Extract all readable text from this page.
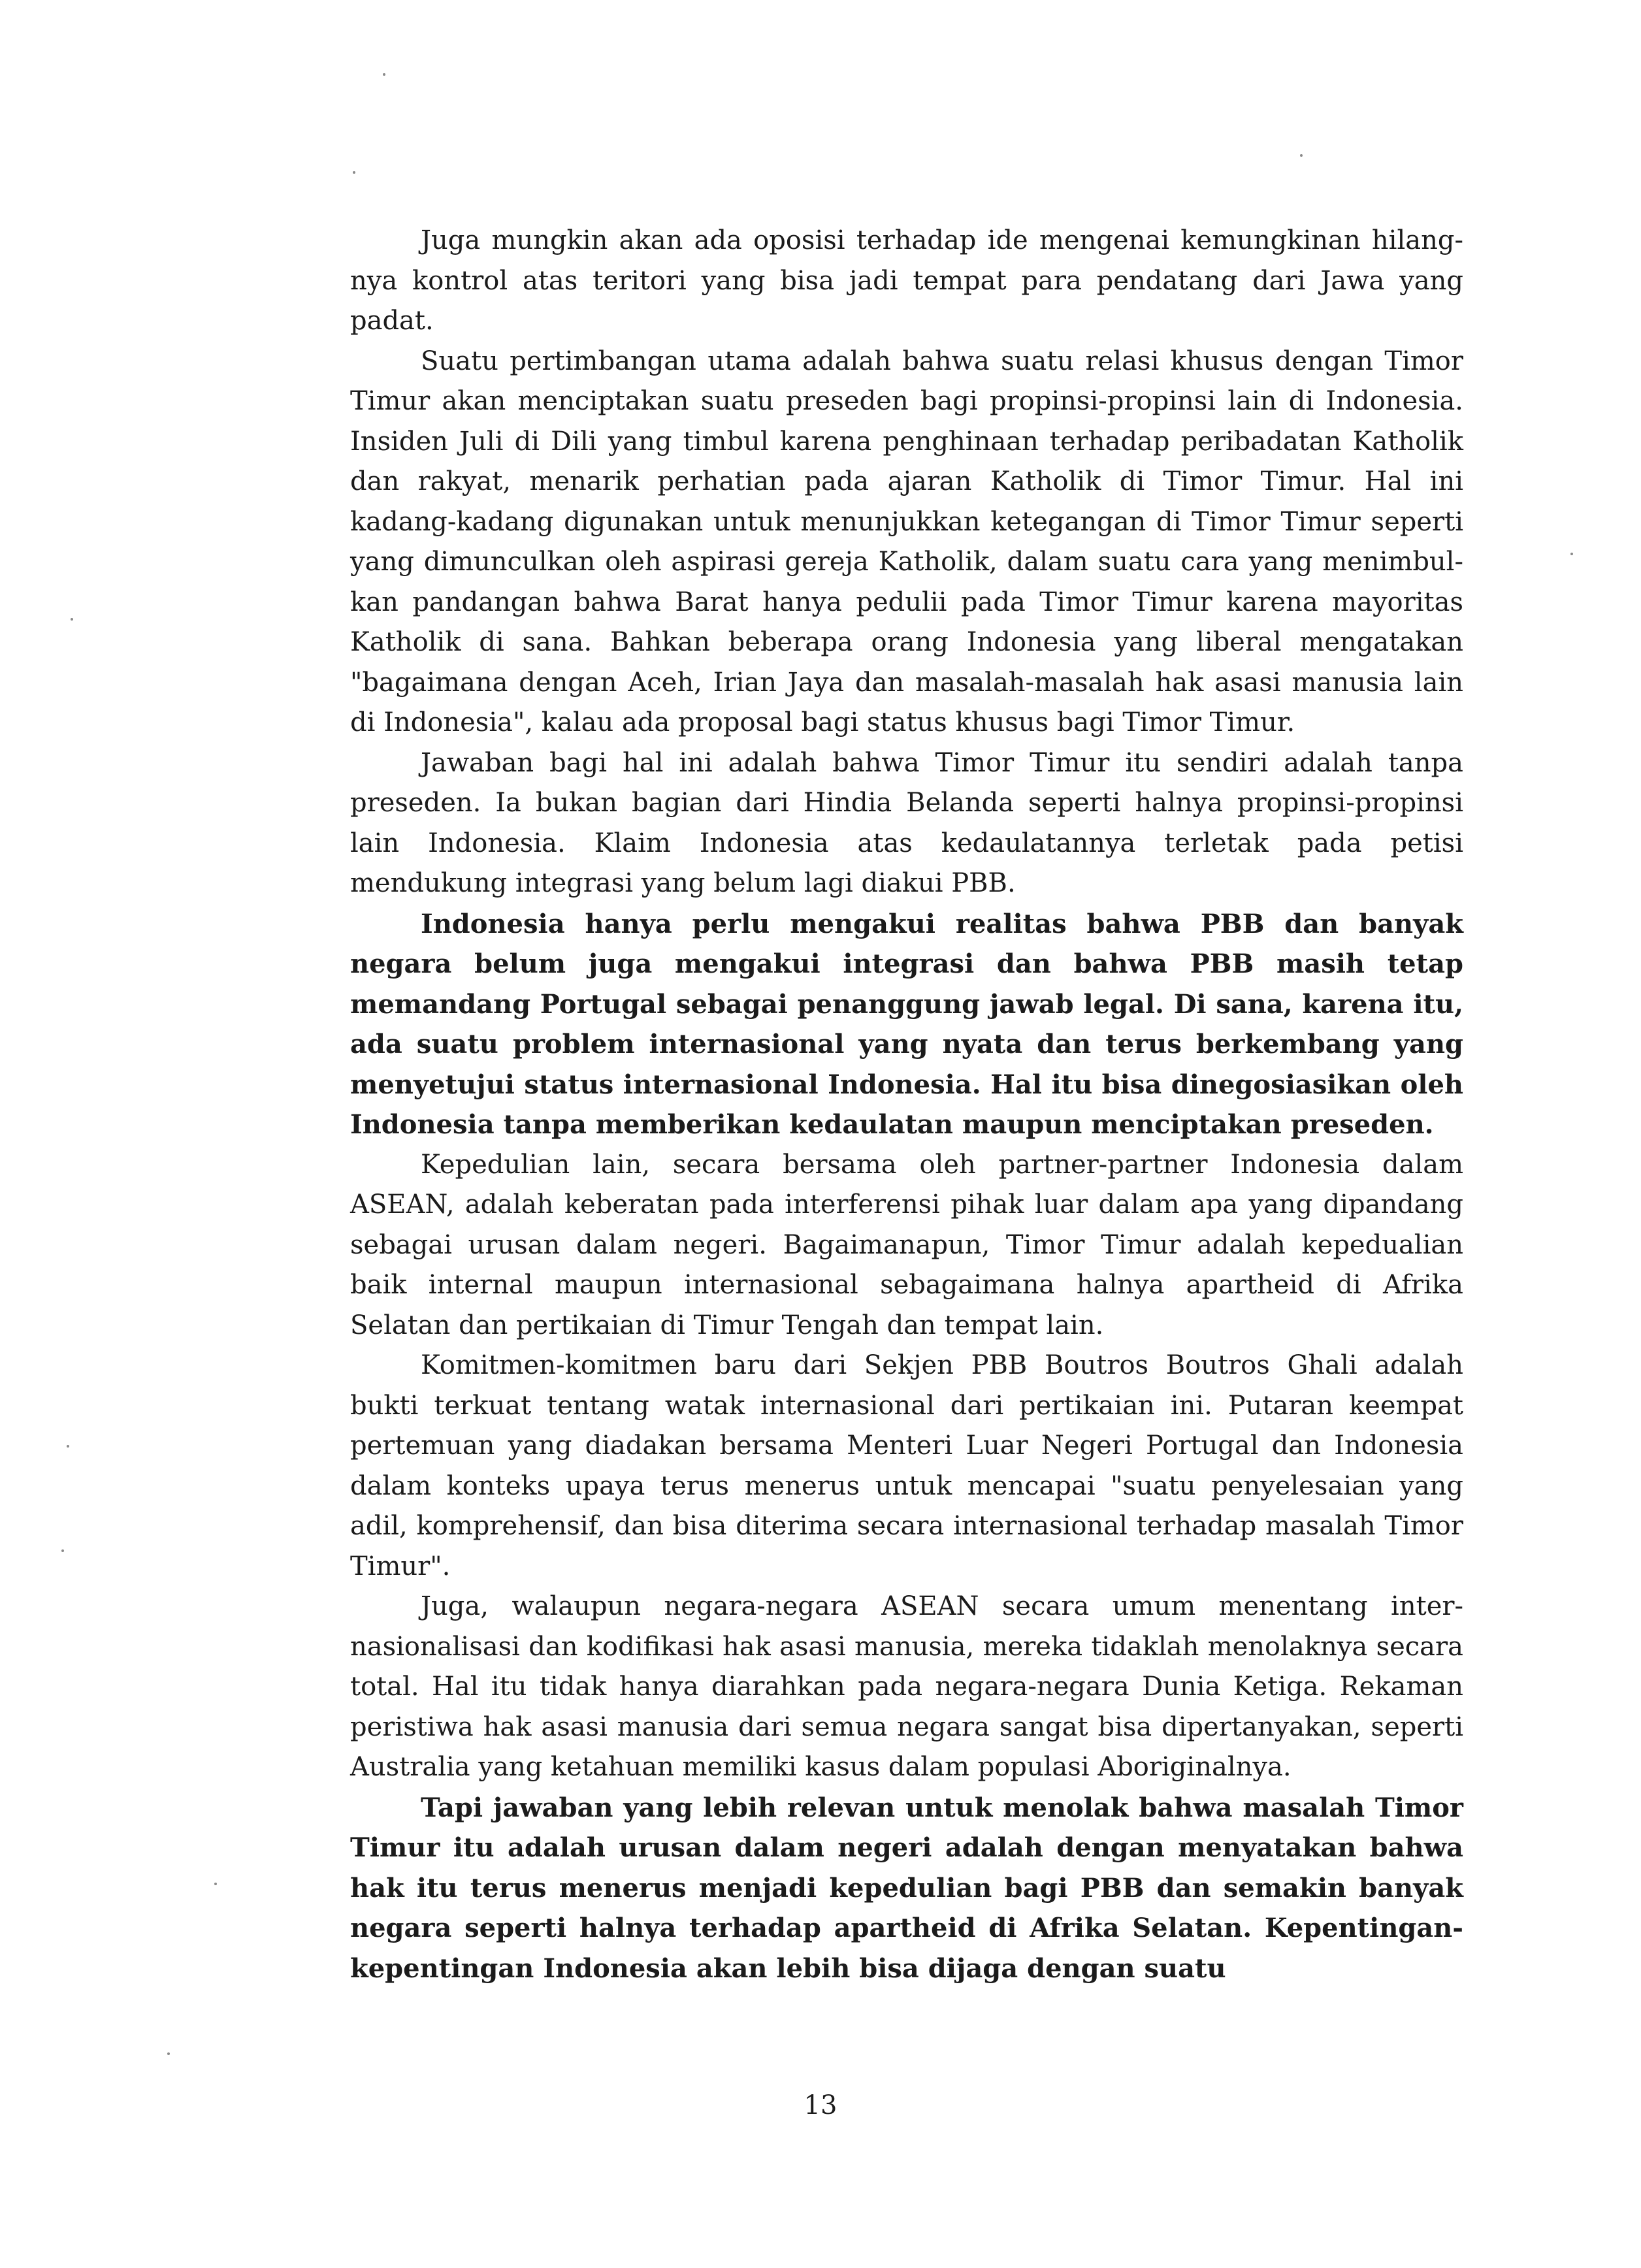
Juga mungkin akan ada oposisi terhadap ide mengenai kemungkinan hilangnya kontrol atas teritori yang bisa jadi tempat para pendatang dari Jawa yang padat.

Suatu pertimbangan utama adalah bahwa suatu relasi khusus dengan Timor Timur akan menciptakan suatu preseden bagi propinsi-propinsi lain di Indonesia. Insiden Juli di Dili yang timbul karena penghinaan terhadap peribadatan Katholik dan rakyat, menarik perhatian pada ajaran Katholik di Timor Timur. Hal ini kadang-kadang digunakan untuk menunjukkan ketegangan di Timor Timur seperti yang dimunculkan oleh aspirasi gereja Katholik, dalam suatu cara yang menimbulkan pandangan bahwa Barat hanya pedulii pada Timor Timur karena mayoritas Katholik di sana. Bahkan beberapa orang Indonesia yang liberal mengatakan "bagaimana dengan Aceh, Irian Jaya dan masalah-masalah hak asasi manusia lain di Indonesia", kalau ada proposal bagi status khusus bagi Timor Timur.

Jawaban bagi hal ini adalah bahwa Timor Timur itu sendiri adalah tanpa preseden. Ia bukan bagian dari Hindia Belanda seperti halnya propinsi-propinsi lain Indonesia. Klaim Indonesia atas kedaulatannya terletak pada petisi mendukung integrasi yang belum lagi diakui PBB.

Indonesia hanya perlu mengakui realitas bahwa PBB dan banyak negara belum juga mengakui integrasi dan bahwa PBB masih tetap memandang Portugal sebagai penanggung jawab legal. Di sana, karena itu, ada suatu problem internasional yang nyata dan terus berkembang yang menyetujui status internasional Indonesia. Hal itu bisa dinegosiasikan oleh Indonesia tanpa memberikan kedaulatan maupun menciptakan preseden.

Kepedulian lain, secara bersama oleh partner-partner Indonesia dalam ASEAN, adalah keberatan pada interferensi pihak luar dalam apa yang dipandang sebagai urusan dalam negeri. Bagaimanapun, Timor Timur adalah kepedualian baik internal maupun internasional sebagaimana halnya apartheid di Afrika Selatan dan pertikaian di Timur Tengah dan tempat lain.

Komitmen-komitmen baru dari Sekjen PBB Boutros Boutros Ghali adalah bukti terkuat tentang watak internasional dari pertikaian ini. Putaran keempat pertemuan yang diadakan bersama Menteri Luar Negeri Portugal dan Indonesia dalam konteks upaya terus menerus untuk mencapai "suatu penyelesaian yang adil, komprehensif, dan bisa diterima secara internasional terhadap masalah Timor Timur".

Juga, walaupun negara-negara ASEAN secara umum menentang internasionalisasi dan kodifikasi hak asasi manusia, mereka tidaklah menolaknya secara total. Hal itu tidak hanya diarahkan pada negara-negara Dunia Ketiga. Rekaman peristiwa hak asasi manusia dari semua negara sangat bisa dipertanyakan, seperti Australia yang ketahuan memiliki kasus dalam populasi Aboriginalnya.

Tapi jawaban yang lebih relevan untuk menolak bahwa masalah Timor Timur itu adalah urusan dalam negeri adalah dengan menyatakan bahwa hak itu terus menerus menjadi kepedulian bagi PBB dan semakin banyak negara seperti halnya terhadap apartheid di Afrika Selatan. Kepentingan-kepentingan Indonesia akan lebih bisa dijaga dengan suatu

13
